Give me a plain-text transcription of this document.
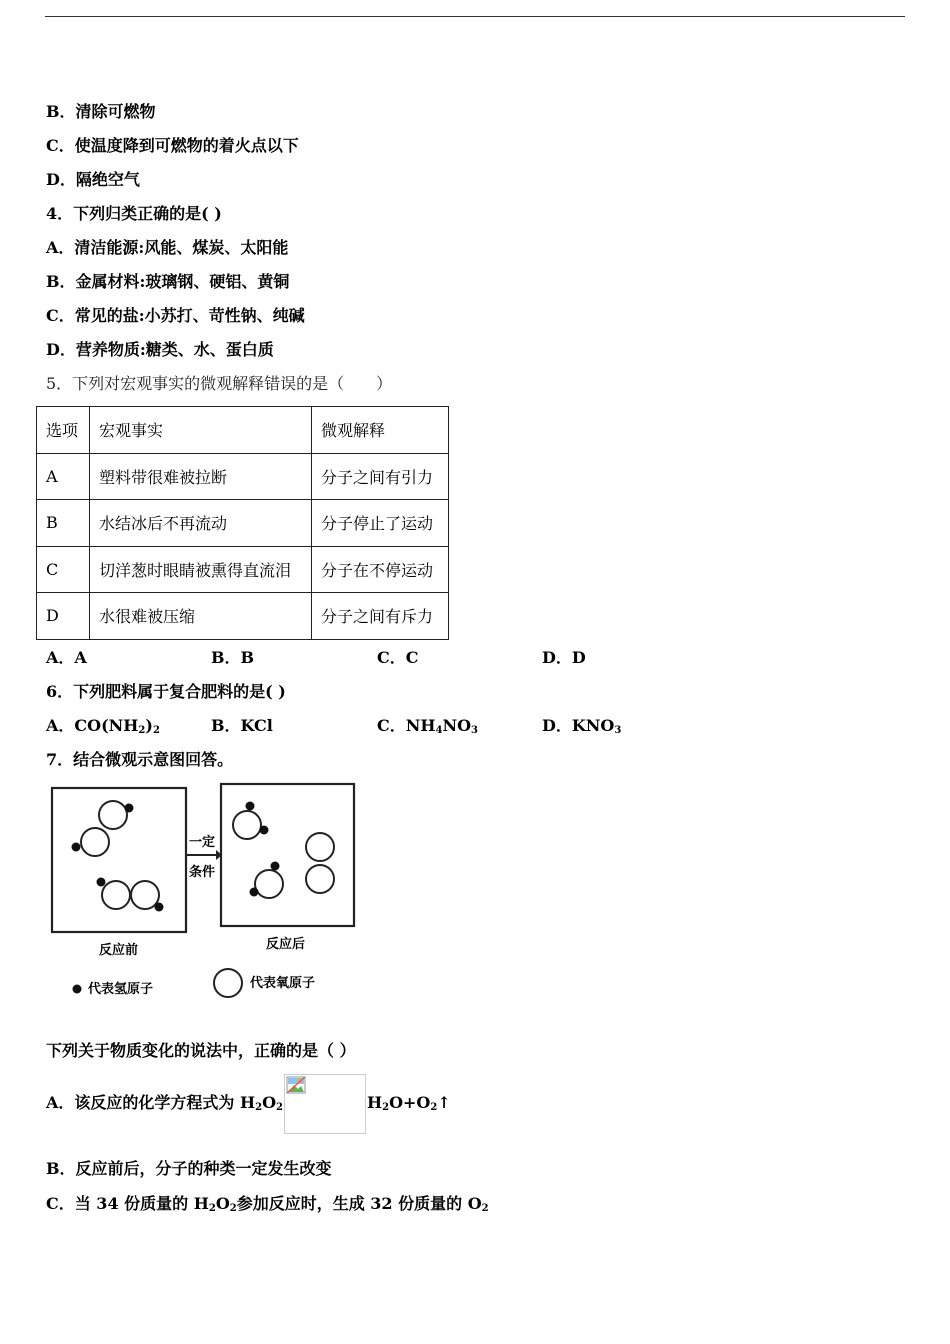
B．清除可燃物
C．使温度降到可燃物的着火点以下
D．隔绝空气
4．下列归类正确的是( )
A．清洁能源:风能、煤炭、太阳能
B．金属材料:玻璃钢、硬铝、黄铜
C．常见的盐:小苏打、苛性钠、纯碱
D．营养物质:糖类、水、蛋白质
5．下列对宏观事实的微观解释错误的是（　　）
选项	宏观事实	微观解释
A	塑料带很难被拉断	分子之间有引力
B	水结冰后不再流动	分子停止了运动
C	切洋葱时眼睛被熏得直流泪	分子在不停运动
D	水很难被压缩	分子之间有斥力
A．A	B．B	C．C	D．D
6．下列肥料属于复合肥料的是( )
A．$CO(NH_2)_2$	B．KCl	C．$NH_4NO_3$	D．$KNO_3$
7．结合微观示意图回答。
一定
条件
反应前	反应后
代表氢原子	代表氧原子
下列关于物质变化的说法中，正确的是（ ）
A．该反应的化学方程式为 $H_2O_2$	$H_2O+O_2↑$
B．反应前后，分子的种类一定发生改变
C．当 34 份质量的 $H_2O_2$参加反应时，生成 32 份质量的 $O_2$
